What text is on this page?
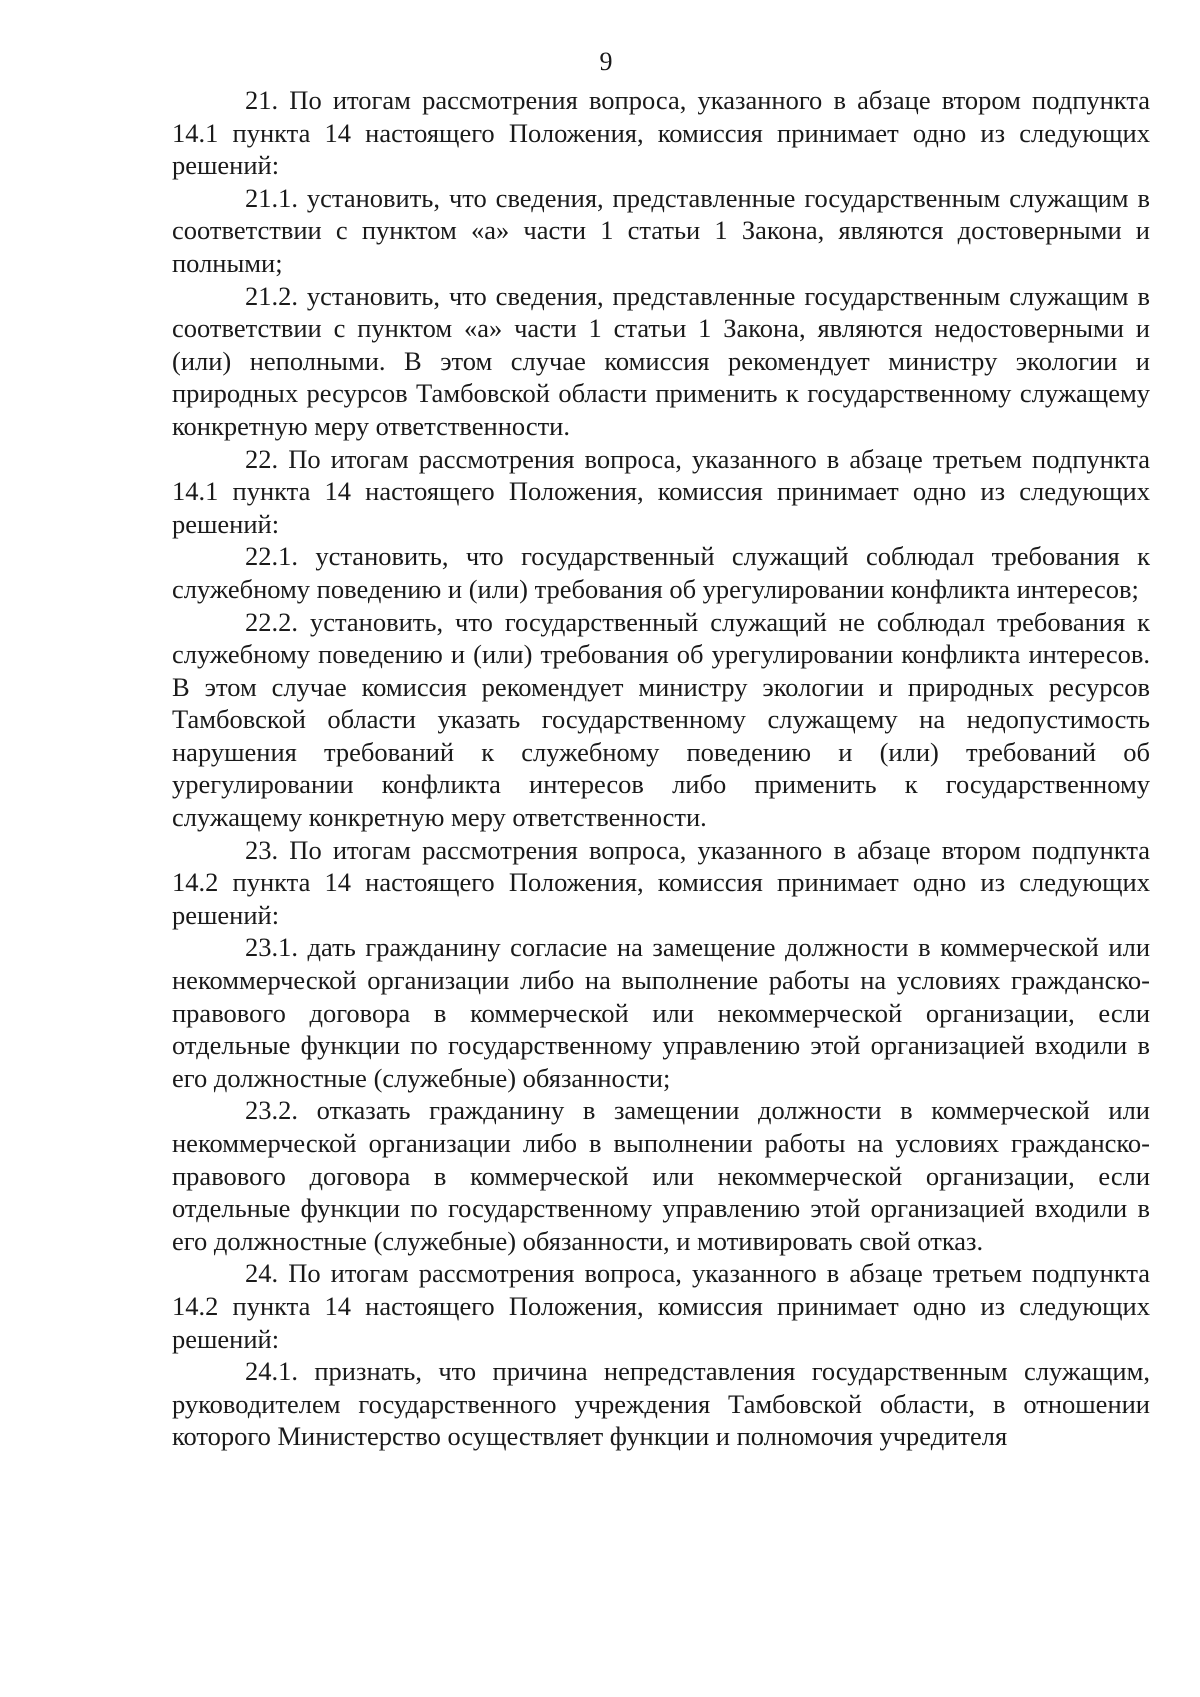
9

21. По итогам рассмотрения вопроса, указанного в абзаце втором подпункта 14.1 пункта 14 настоящего Положения, комиссия принимает одно из следующих решений:

21.1. установить, что сведения, представленные государственным служащим в соответствии с пунктом «а» части 1 статьи 1 Закона, являются достоверными и полными;

21.2. установить, что сведения, представленные государственным служащим в соответствии с пунктом «а» части 1 статьи 1 Закона, являются недостоверными и (или) неполными. В этом случае комиссия рекомендует министру экологии и природных ресурсов Тамбовской области применить к государственному служащему конкретную меру ответственности.

22. По итогам рассмотрения вопроса, указанного в абзаце третьем подпункта 14.1 пункта 14 настоящего Положения, комиссия принимает одно из следующих решений:

22.1. установить, что государственный служащий соблюдал требования к служебному поведению и (или) требования об урегулировании конфликта интересов;

22.2. установить, что государственный служащий не соблюдал требования к служебному поведению и (или) требования об урегулировании конфликта интересов. В этом случае комиссия рекомендует министру экологии и природных ресурсов Тамбовской области указать государственному служащему на недопустимость нарушения требований к служебному поведению и (или) требований об урегулировании конфликта интересов либо применить к государственному служащему конкретную меру ответственности.

23. По итогам рассмотрения вопроса, указанного в абзаце втором подпункта 14.2 пункта 14 настоящего Положения, комиссия принимает одно из следующих решений:

23.1. дать гражданину согласие на замещение должности в коммерческой или некоммерческой организации либо на выполнение работы на условиях гражданско-правового договора в коммерческой или некоммерческой организации, если отдельные функции по государственному управлению этой организацией входили в его должностные (служебные) обязанности;

23.2. отказать гражданину в замещении должности в коммерческой или некоммерческой организации либо в выполнении работы на условиях гражданско-правового договора в коммерческой или некоммерческой организации, если отдельные функции по государственному управлению этой организацией входили в его должностные (служебные) обязанности, и мотивировать свой отказ.

24. По итогам рассмотрения вопроса, указанного в абзаце третьем подпункта 14.2 пункта 14 настоящего Положения, комиссия принимает одно из следующих решений:

24.1. признать, что причина непредставления государственным служащим, руководителем государственного учреждения Тамбовской области, в отношении которого Министерство осуществляет функции и полномочия учредителя
